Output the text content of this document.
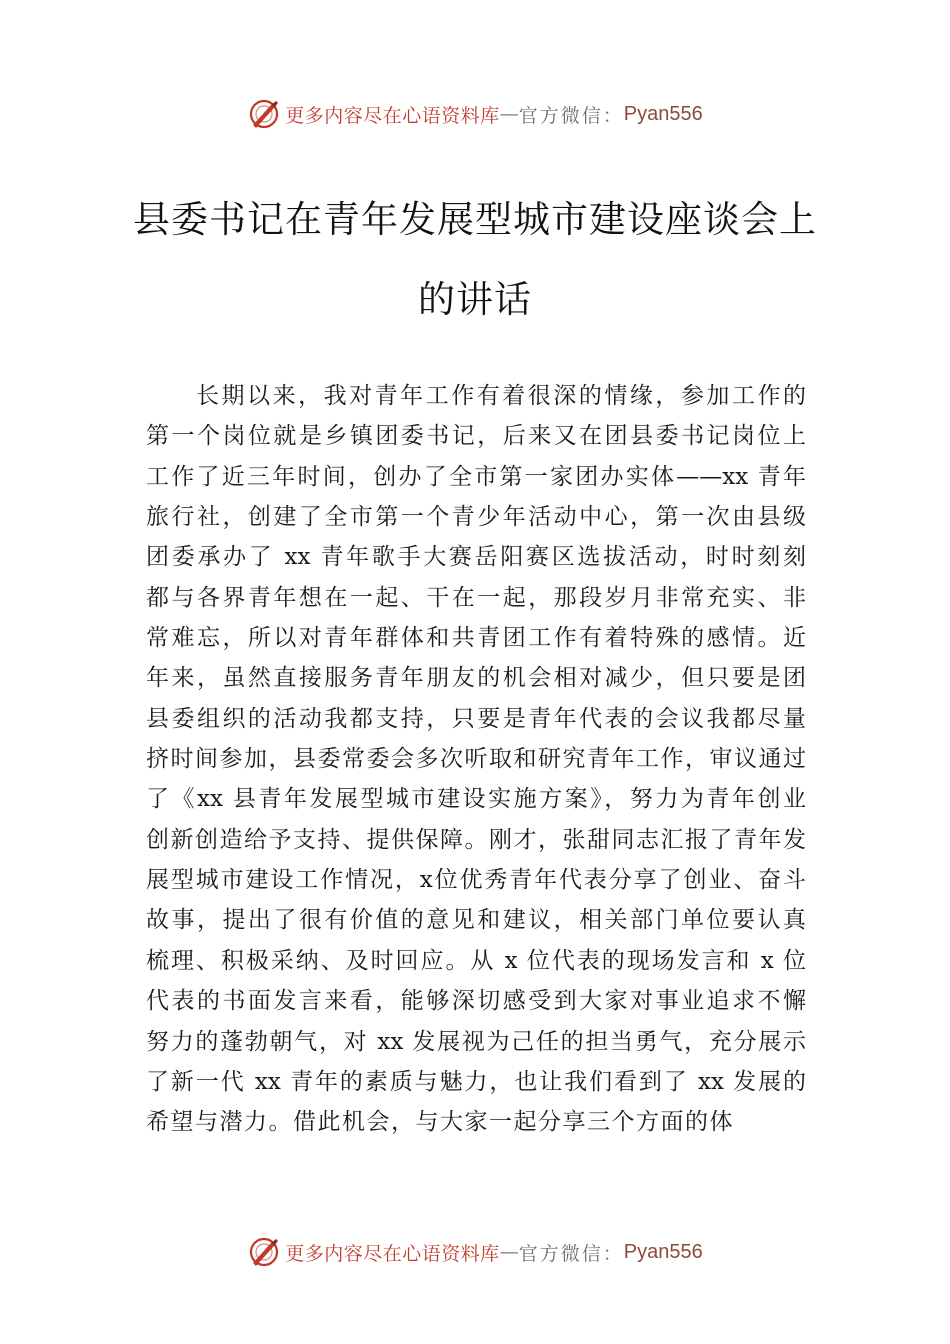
更多内容尽在心语资料库 — 官方微信： Pyan556
县委书记在青年发展型城市建设座谈会上
的讲话
长期以来，我对青年工作有着很深的情缘，参加工作的
第一个岗位就是乡镇团委书记，后来又在团县委书记岗位上
工作了近三年时间，创办了全市第一家团办实体——xx 青年
旅行社，创建了全市第一个青少年活动中心，第一次由县级
团委承办了 xx 青年歌手大赛岳阳赛区选拔活动，时时刻刻
都与各界青年想在一起、干在一起，那段岁月非常充实、非
常难忘，所以对青年群体和共青团工作有着特殊的感情。近
年来，虽然直接服务青年朋友的机会相对减少，但只要是团
县委组织的活动我都支持，只要是青年代表的会议我都尽量
挤时间参加，县委常委会多次听取和研究青年工作，审议通过
了《xx 县青年发展型城市建设实施方案》，努力为青年创业
创新创造给予支持、提供保障。刚才，张甜同志汇报了青年发
展型城市建设工作情况，x位优秀青年代表分享了创业、奋斗
故事，提出了很有价值的意见和建议，相关部门单位要认真
梳理、积极采纳、及时回应。从 x 位代表的现场发言和 x 位
代表的书面发言来看，能够深切感受到大家对事业追求不懈
努力的蓬勃朝气，对 xx 发展视为己任的担当勇气，充分展示
了新一代 xx 青年的素质与魅力，也让我们看到了 xx 发展的
希望与潜力。借此机会，与大家一起分享三个方面的体
更多内容尽在心语资料库 — 官方微信： Pyan556
